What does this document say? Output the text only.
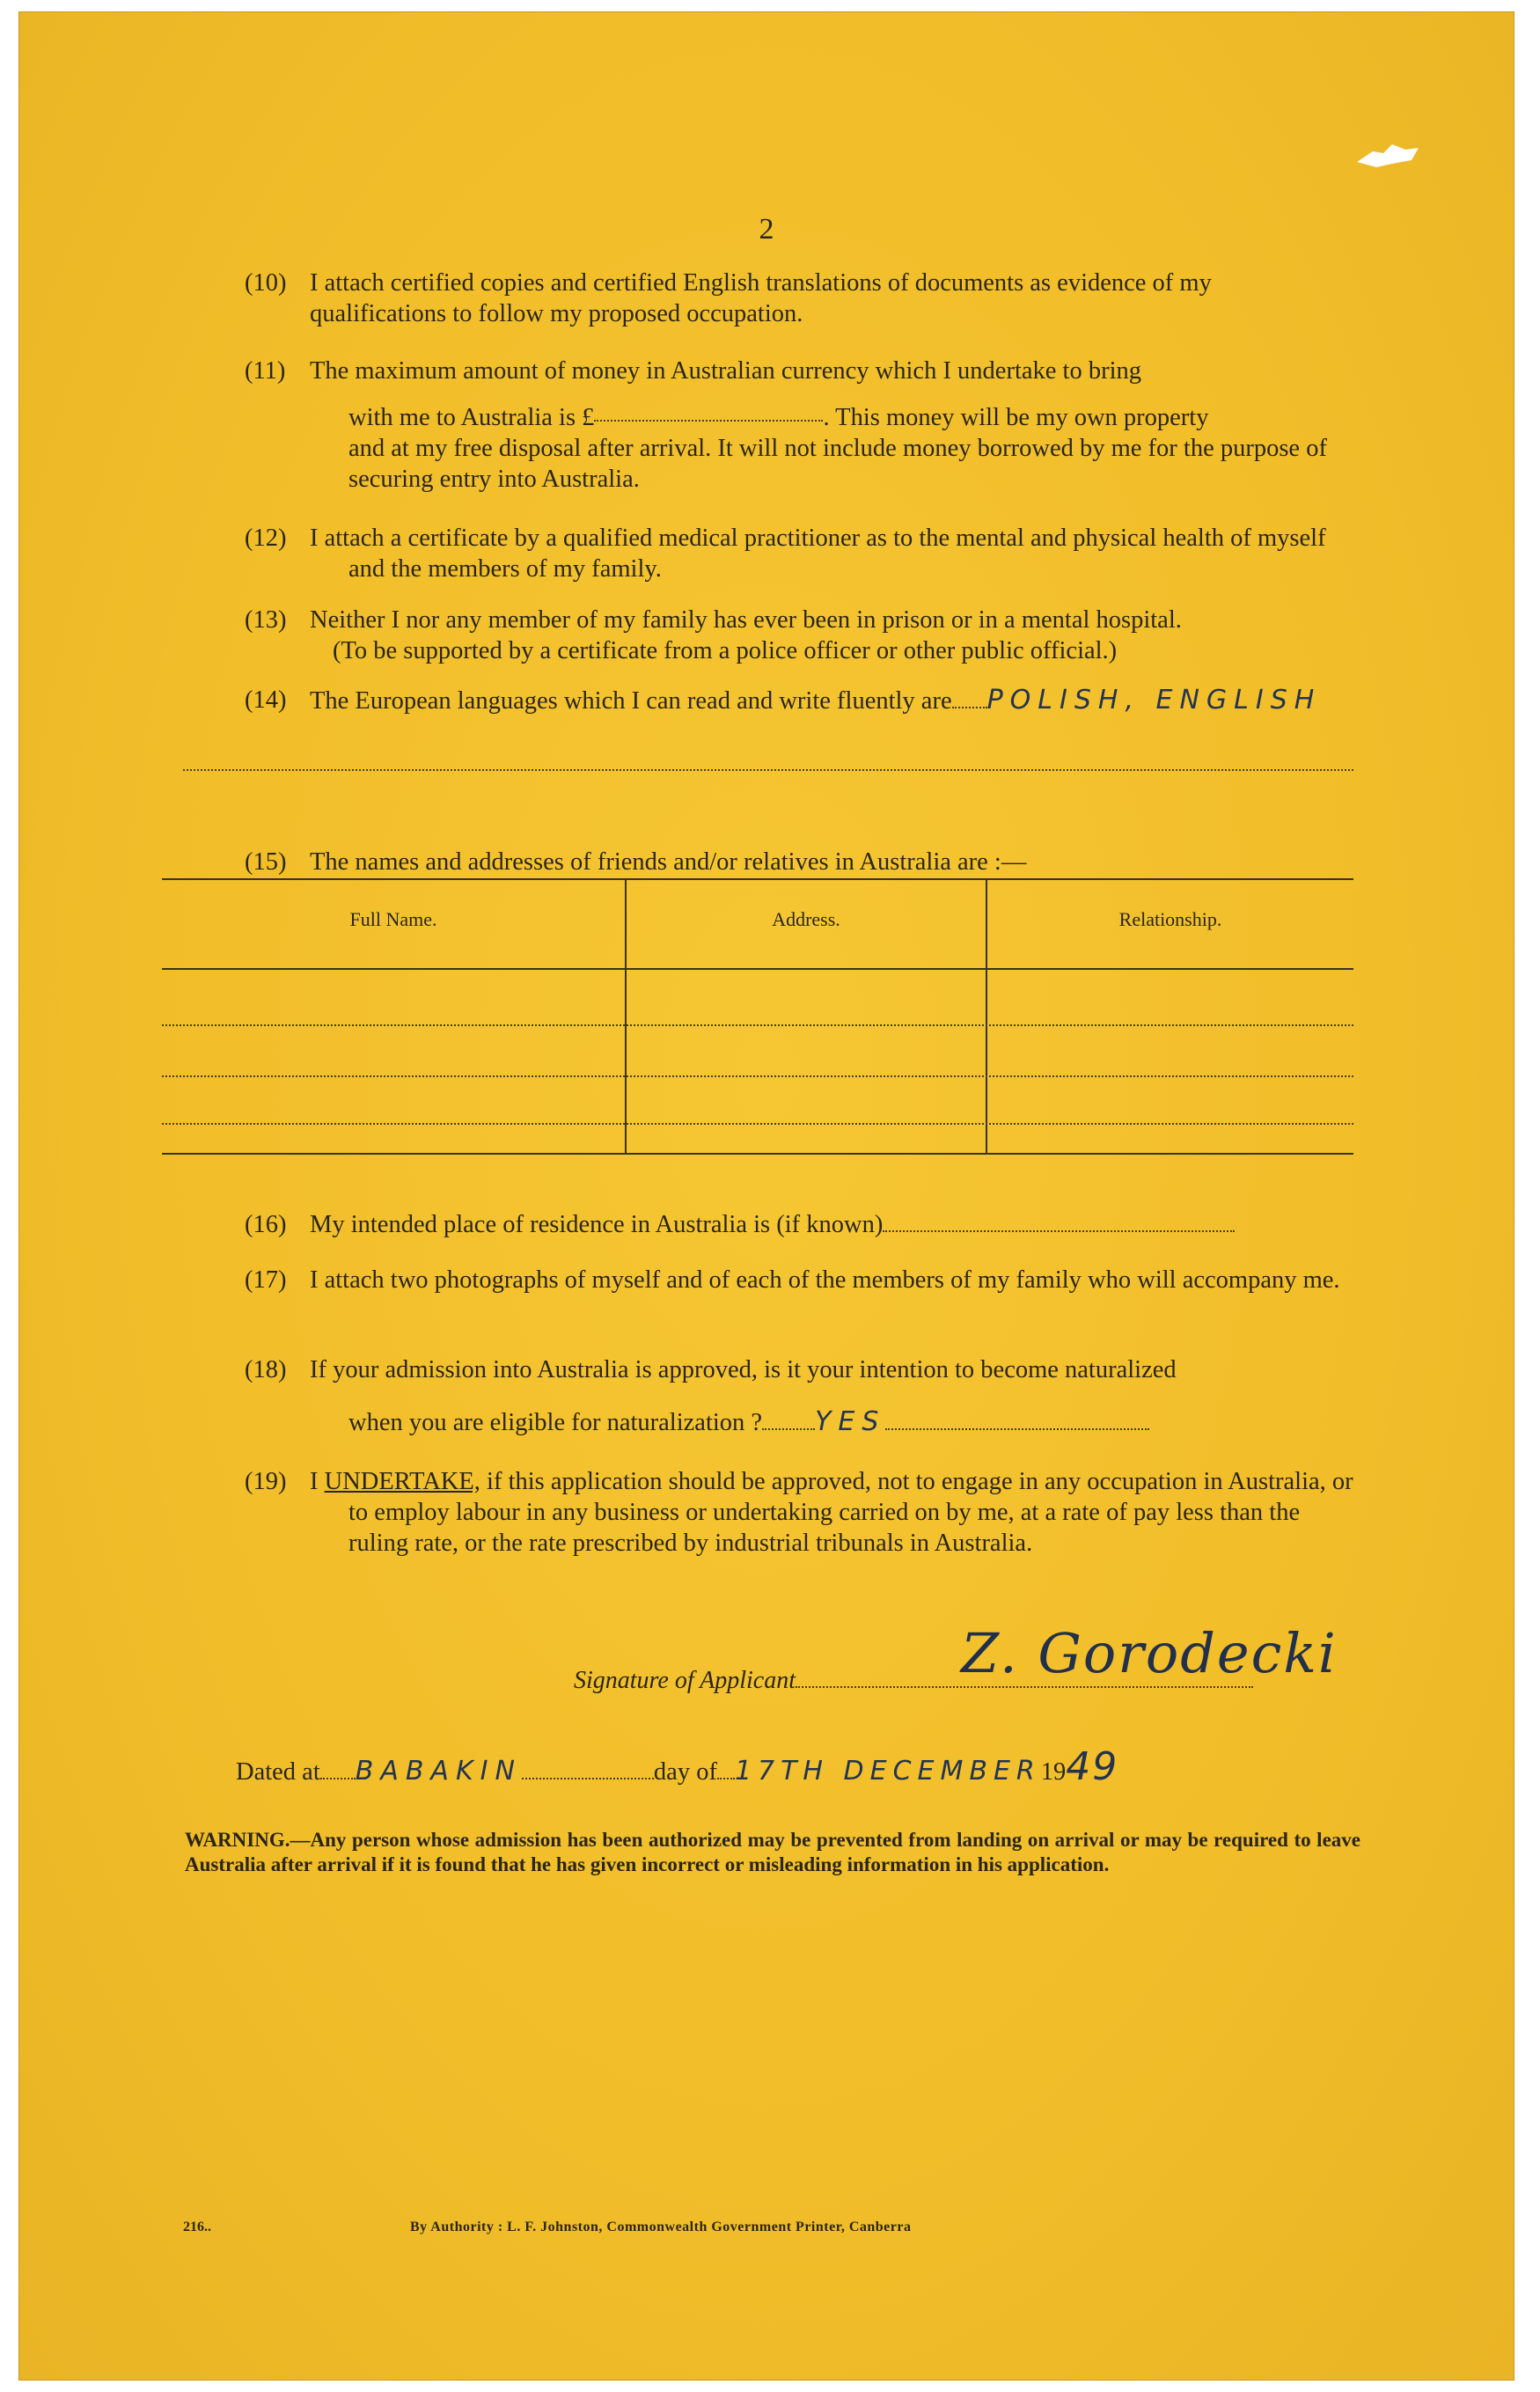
2
(10) I attach certified copies and certified English translations of documents as evidence of my qualifications to follow my proposed occupation.
(11) The maximum amount of money in Australian currency which I undertake to bring
with me to Australia is £	. This money will be my own property
and at my free disposal after arrival. It will not include money borrowed by me for the purpose of securing entry into Australia.
(12) I attach a certificate by a qualified medical practitioner as to the mental and physical health of myself and the members of my family.
(13) Neither I nor any member of my family has ever been in prison or in a mental hospital.
(To be supported by a certificate from a police officer or other public official.)
(14) The European languages which I can read and write fluently are POLISH, ENGLISH
(15) The names and addresses of friends and/or relatives in Australia are :—
Full Name.	Address.	Relationship.
(16) My intended place of residence in Australia is (if known)
(17) I attach two photographs of myself and of each of the members of my family who will accompany me.
(18) If your admission into Australia is approved, is it your intention to become naturalized
when you are eligible for naturalization ? YES
(19) I UNDERTAKE, if this application should be approved, not to engage in any occupation in Australia, or to employ labour in any business or undertaking carried on by me, at a rate of pay less than the ruling rate, or the rate prescribed by industrial tribunals in Australia.
Signature of Applicant	Z. Gorodecki
Dated at BABAKIN	day of 17TH DECEMBER1949
WARNING.—Any person whose admission has been authorized may be prevented from landing on arrival or may be required to leave Australia after arrival if it is found that he has given incorrect or misleading information in his application.
216..	By Authority : L. F. Johnston, Commonwealth Government Printer, Canberra
